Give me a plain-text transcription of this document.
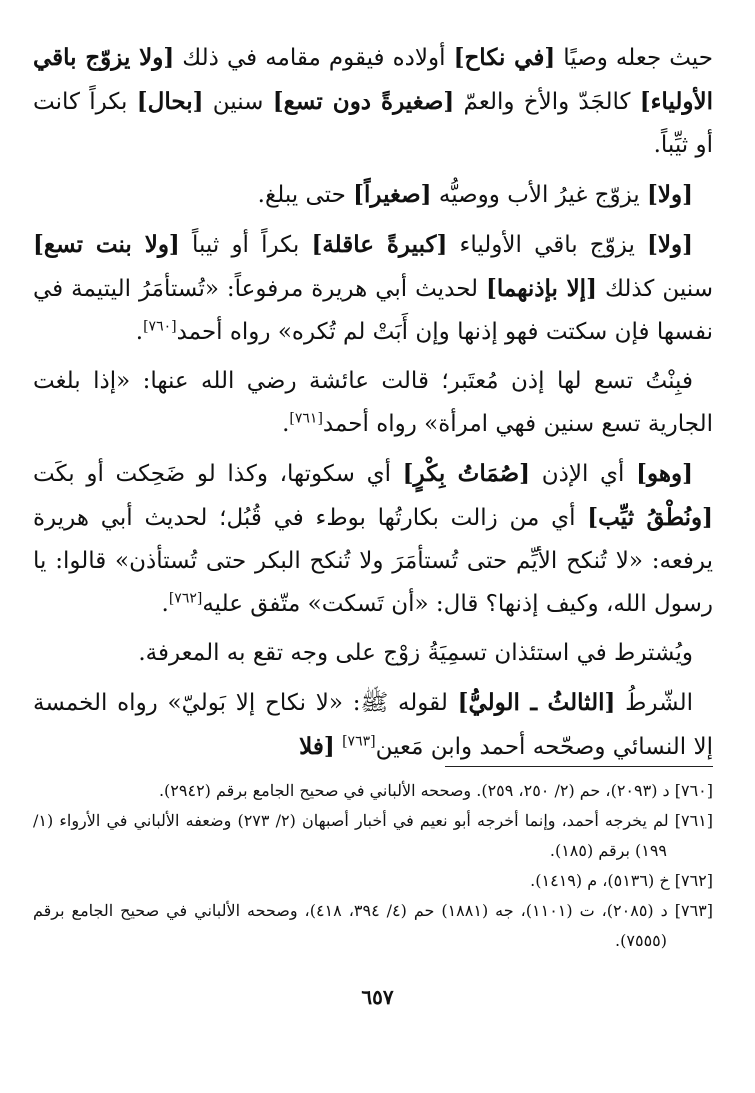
حيث جعله وصيًا [في نكاح] أولاده فيقوم مقامه في ذلك [ولا يزوّج باقي الأولياء] كالجَدّ والأخ والعمّ [صغيرةً دون تسع] سنين [بحال] بكراً كانت أو ثيِّباً.

[ولا] يزوّج غيرُ الأب ووصيُّه [صغيراً] حتى يبلغ.

[ولا] يزوّج باقي الأولياء [كبيرةً عاقلة] بكراً أو ثيباً [ولا بنت تسع] سنين كذلك [إلا بإذنهما] لحديث أبي هريرة مرفوعاً: «تُستأمَرُ اليتيمة في نفسها فإن سكتت فهو إذنها وإن أَبَتْ لم تُكره» رواه أحمد[٧٦٠].

فبِنْتُ تسع لها إذن مُعتَبر؛ قالت عائشة رضي الله عنها: «إذا بلغت الجارية تسع سنين فهي امرأة» رواه أحمد[٧٦١].

[وهو] أي الإذن [صُمَاتُ بِكْرٍ] أي سكوتها، وكذا لو ضَحِكت أو بكَت [ونُطْقُ ثيِّب] أي من زالت بكارتُها بوطء في قُبُل؛ لحديث أبي هريرة يرفعه: «لا تُنكح الأيِّم حتى تُستأمَرَ ولا تُنكح البكر حتى تُستأذن» قالوا: يا رسول الله، وكيف إذنها؟ قال: «أن تَسكت» متّفق عليه[٧٦٢].

ويُشترط في استئذان تسمِيَةُ زوْج على وجه تقع به المعرفة.

الشّرطُ [الثالثُ ـ الوليُّ] لقوله ﷺ: «لا نكاح إلا بَوليّ» رواه الخمسة إلا النسائي وصحّحه أحمد وابن مَعين[٧٦٣] [فلا

[٧٦٠] د (٢٠٩٣)، حم (٢/ ٢٥٠، ٢٥٩). وصححه الألباني في صحيح الجامع برقم (٢٩٤٢).
[٧٦١] لم يخرجه أحمد، وإنما أخرجه أبو نعيم في أخبار أصبهان (٢/ ٢٧٣) وضعفه الألباني في الأرواء (١/ ١٩٩) برقم (١٨٥).
[٧٦٢] خ (٥١٣٦)، م (١٤١٩).
[٧٦٣] د (٢٠٨٥)، ت (١١٠١)، جه (١٨٨١) حم (٤/ ٣٩٤، ٤١٨)، وصححه الألباني في صحيح الجامع برقم (٧٥٥٥).
٦٥٧
